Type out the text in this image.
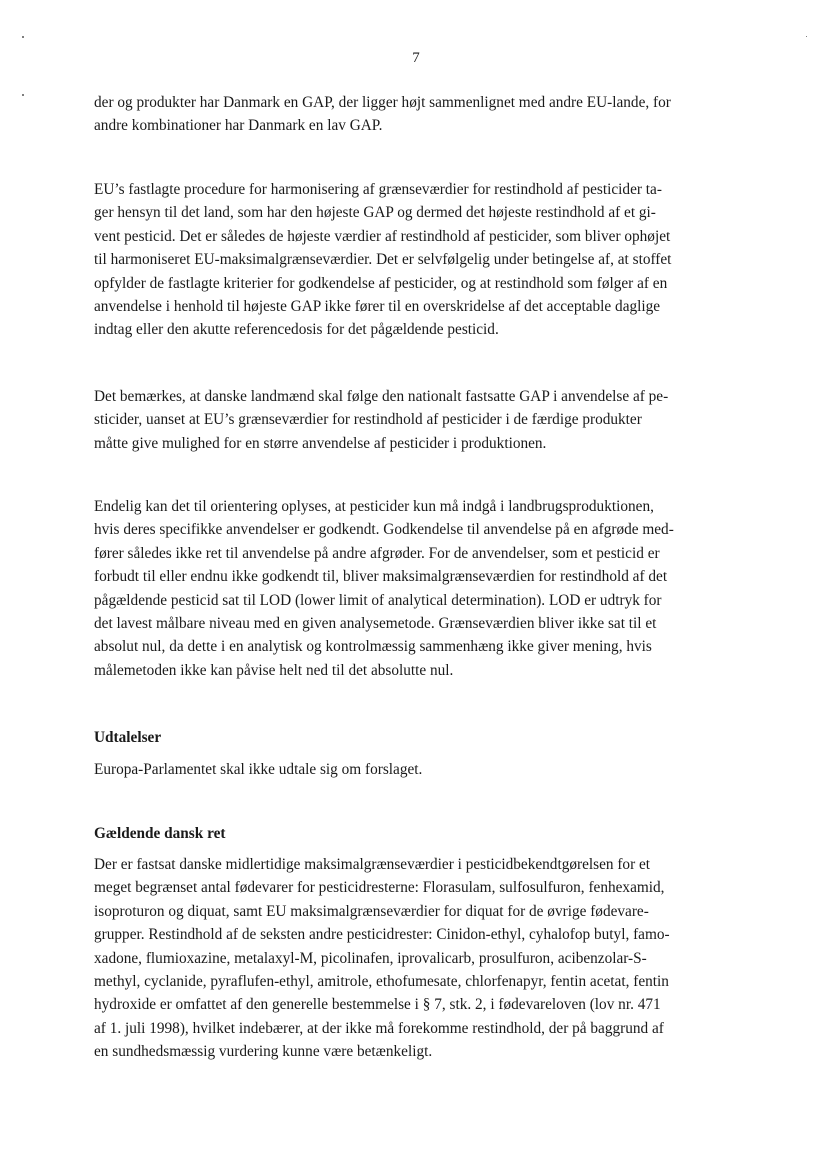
7

der og produkter har Danmark en GAP, der ligger højt sammenlignet med andre EU-lande, for
andre kombinationer har Danmark en lav GAP.

EU’s fastlagte procedure for harmonisering af grænseværdier for restindhold af pesticider ta-
ger hensyn til det land, som har den højeste GAP og dermed det højeste restindhold af et gi-
vent pesticid. Det er således de højeste værdier af restindhold af pesticider, som bliver ophøjet
til harmoniseret EU-maksimalgrænseværdier. Det er selvfølgelig under betingelse af, at stoffet
opfylder de fastlagte kriterier for godkendelse af pesticider, og at restindhold som følger af en
anvendelse i henhold til højeste GAP ikke fører til en overskridelse af det acceptable daglige
indtag eller den akutte referencedosis for det pågældende pesticid.

Det bemærkes, at danske landmænd skal følge den nationalt fastsatte GAP i anvendelse af pe-
sticider, uanset at EU’s grænseværdier for restindhold af pesticider i de færdige produkter
måtte give mulighed for en større anvendelse af pesticider i produktionen.

Endelig kan det til orientering oplyses, at pesticider kun må indgå i landbrugsproduktionen,
hvis deres specifikke anvendelser er godkendt. Godkendelse til anvendelse på en afgrøde med-
fører således ikke ret til anvendelse på andre afgrøder. For de anvendelser, som et pesticid er
forbudt til eller endnu ikke godkendt til, bliver maksimalgrænseværdien for restindhold af det
pågældende pesticid sat til LOD (lower limit of analytical determination). LOD er udtryk for
det lavest målbare niveau med en given analysemetode. Grænseværdien bliver ikke sat til et
absolut nul, da dette i en analytisk og kontrolmæssig sammenhæng ikke giver mening, hvis
målemetoden ikke kan påvise helt ned til det absolutte nul.

Udtalelser

Europa-Parlamentet skal ikke udtale sig om forslaget.

Gældende dansk ret

Der er fastsat danske midlertidige maksimalgrænseværdier i pesticidbekendtgørelsen for et
meget begrænset antal fødevarer for pesticidresterne: Florasulam, sulfosulfuron, fenhexamid,
isoproturon og diquat, samt EU maksimalgrænseværdier for diquat for de øvrige fødevare-
grupper. Restindhold af de seksten andre pesticidrester: Cinidon-ethyl, cyhalofop butyl, famo-
xadone, flumioxazine, metalaxyl-M, picolinafen, iprovalicarb, prosulfuron, acibenzolar-S-
methyl, cyclanide, pyraflufen-ethyl, amitrole, ethofumesate, chlorfenapyr, fentin acetat, fentin
hydroxide er omfattet af den generelle bestemmelse i § 7, stk. 2, i fødevareloven (lov nr. 471
af 1. juli 1998), hvilket indebærer, at der ikke må forekomme restindhold, der på baggrund af
en sundhedsmæssig vurdering kunne være betænkeligt.
